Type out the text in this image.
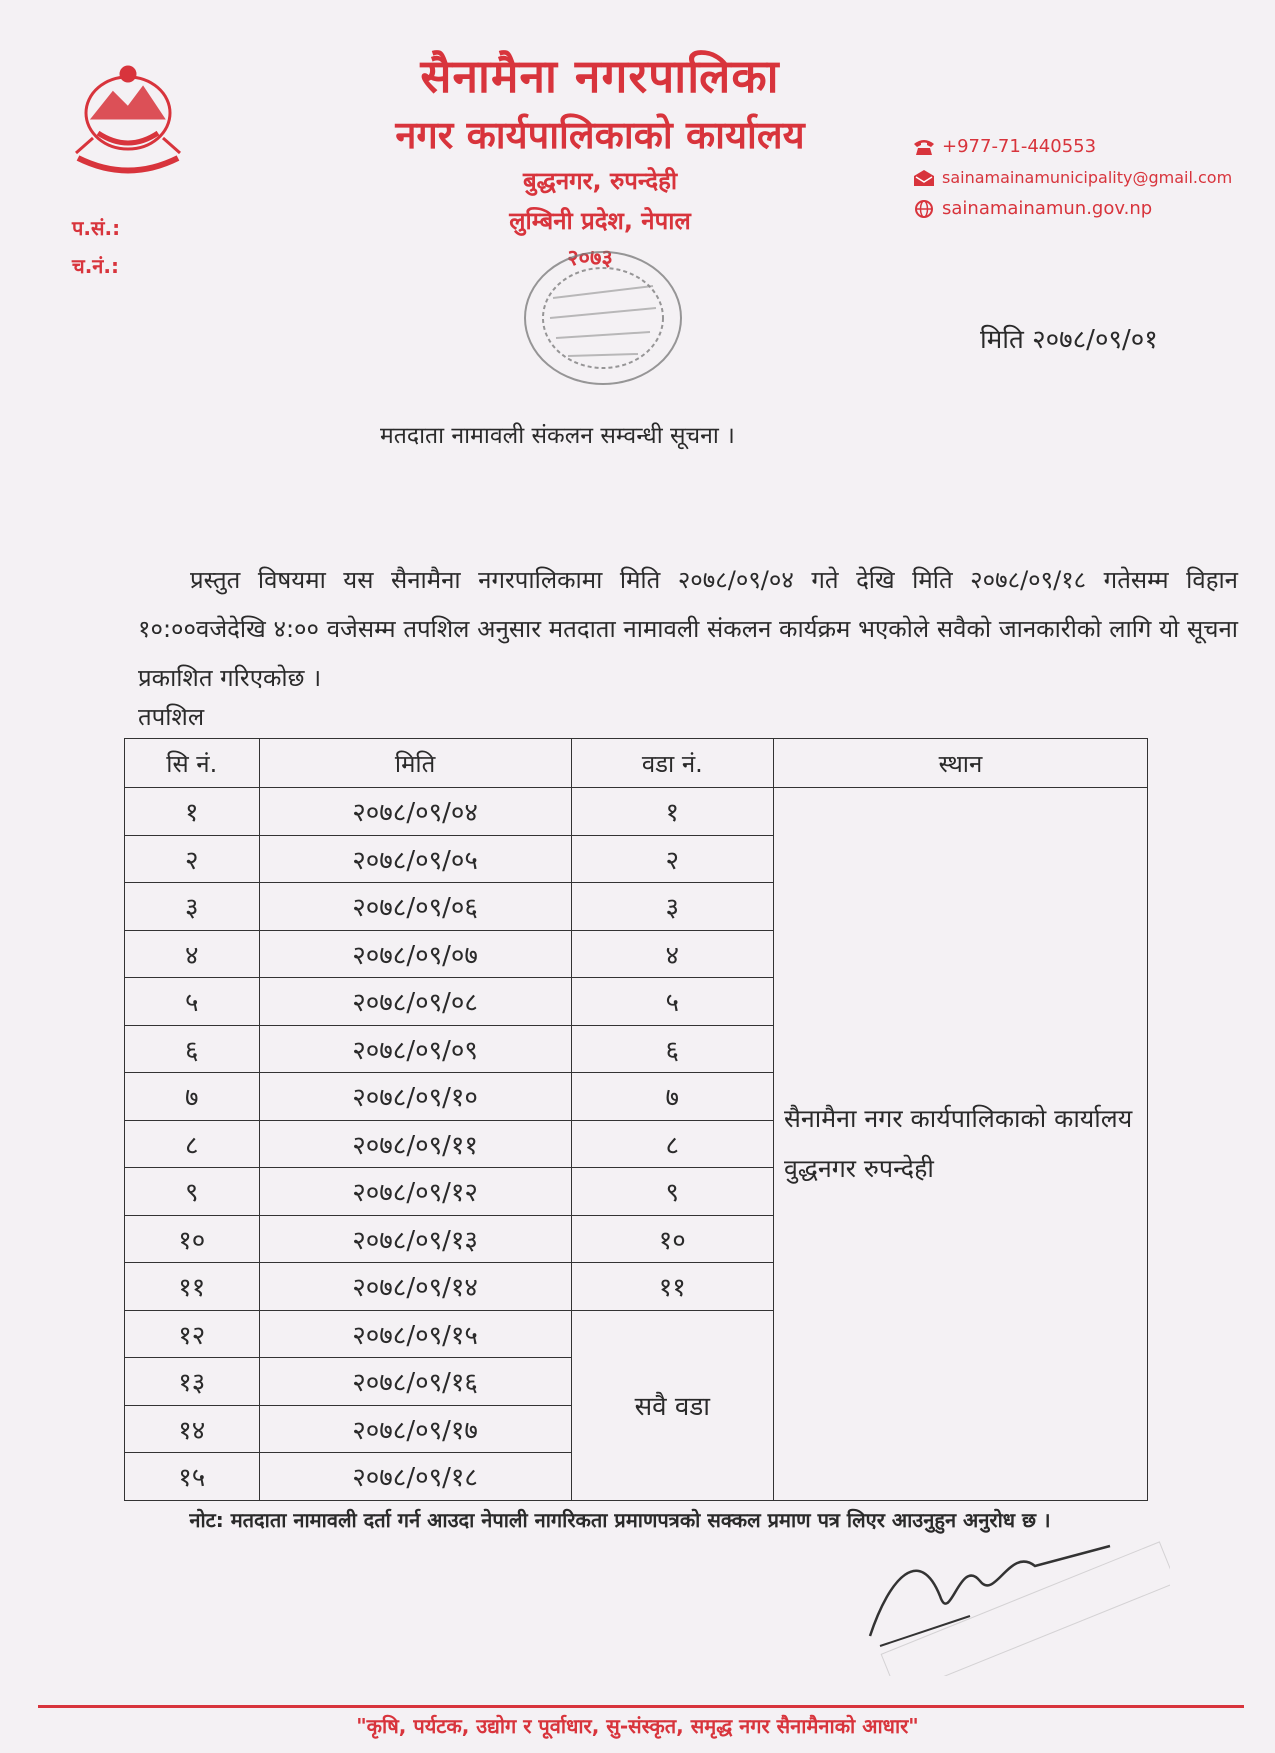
सैनामैना नगरपालिका
नगर कार्यपालिकाको कार्यालय
बुद्धनगर, रुपन्देही
लुम्बिनी प्रदेश, नेपाल
२०७३
प.सं.:
च.नं.:
+977-71-440553
sainamainamunicipality@gmail.com
sainamainamun.gov.np
मिति २०७८/०९/०१
मतदाता नामावली संकलन सम्वन्धी सूचना ।
प्रस्तुत विषयमा यस सैनामैना नगरपालिकामा मिति २०७८/०९/०४ गते देखि मिति २०७८/०९/१८ गतेसम्म विहान १०:००वजेदेखि ४:०० वजेसम्म तपशिल अनुसार मतदाता नामावली संकलन कार्यक्रम भएकोले सवैको जानकारीको लागि यो सूचना प्रकाशित गरिएकोछ ।
तपशिल
सि नं.	मिति	वडा नं.	स्थान
१	२०७८/०९/०४	१	सैनामैना नगर कार्यपालिकाको कार्यालय वुद्धनगर रुपन्देही
२	२०७८/०९/०५	२	
३	२०७८/०९/०६	३	
४	२०७८/०९/०७	४	
५	२०७८/०९/०८	५	
६	२०७८/०९/०९	६	
७	२०७८/०९/१०	७	
८	२०७८/०९/११	८	
९	२०७८/०९/१२	९	
१०	२०७८/०९/१३	१०	
११	२०७८/०९/१४	११	
१२	२०७८/०९/१५	सवै वडा	
१३	२०७८/०९/१६		
१४	२०७८/०९/१७		
१५	२०७८/०९/१८		
नोट: मतदाता नामावली दर्ता गर्न आउदा नेपाली नागरिकता प्रमाणपत्रको सक्कल प्रमाण पत्र लिएर आउनुहुन अनुरोध छ ।
"कृषि, पर्यटक, उद्योग र पूर्वाधार, सु-संस्कृत, समृद्ध नगर सैनामैनाको आधार"
